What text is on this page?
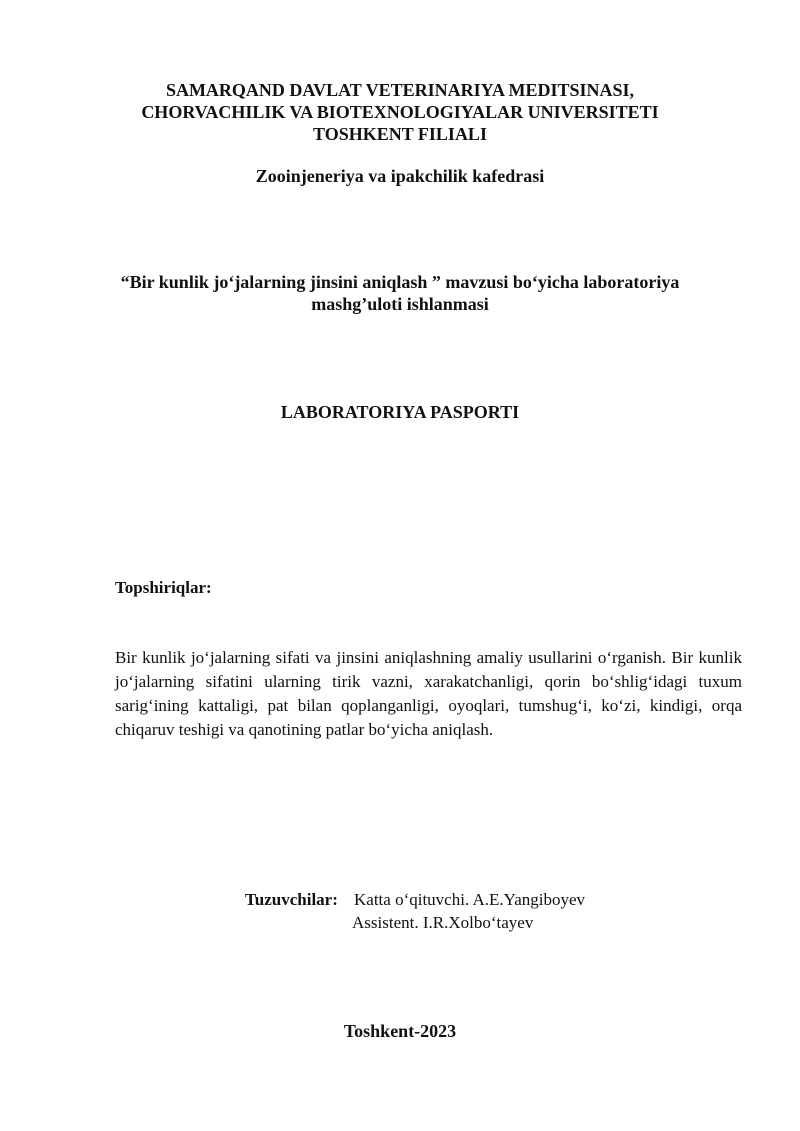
SAMARQAND DAVLAT VETERINARIYA MEDITSINASI,
CHORVACHILIK VA BIOTEXNOLOGIYALAR UNIVERSITETI
TOSHKENT FILIALI
Zooinjeneriya va ipakchilik kafedrasi
“Bir kunlik jo‘jalarning jinsini aniqlash ” mavzusi bo‘yicha laboratoriya
mashg’uloti ishlanmasi
LABORATORIYA PASPORTI
Topshiriqlar:

Bir kunlik jo‘jalarning sifati va jinsini aniqlashning amaliy usullarini o‘rganish. Bir kunlik jo‘jalarning sifatini ularning tirik vazni, xarakatchanligi, qorin bo‘shlig‘idagi tuxum sarig‘ining kattaligi, pat bilan qoplanganligi, oyoqlari, tumshug‘i, ko‘zi, kindigi, orqa chiqaruv teshigi va qanotining patlar bo‘yicha aniqlash.

Tuzuvchilar: Katta o‘qituvchi. A.E.Yangiboyev
Assistent. I.R.Xolbo‘tayev
Toshkent-2023
